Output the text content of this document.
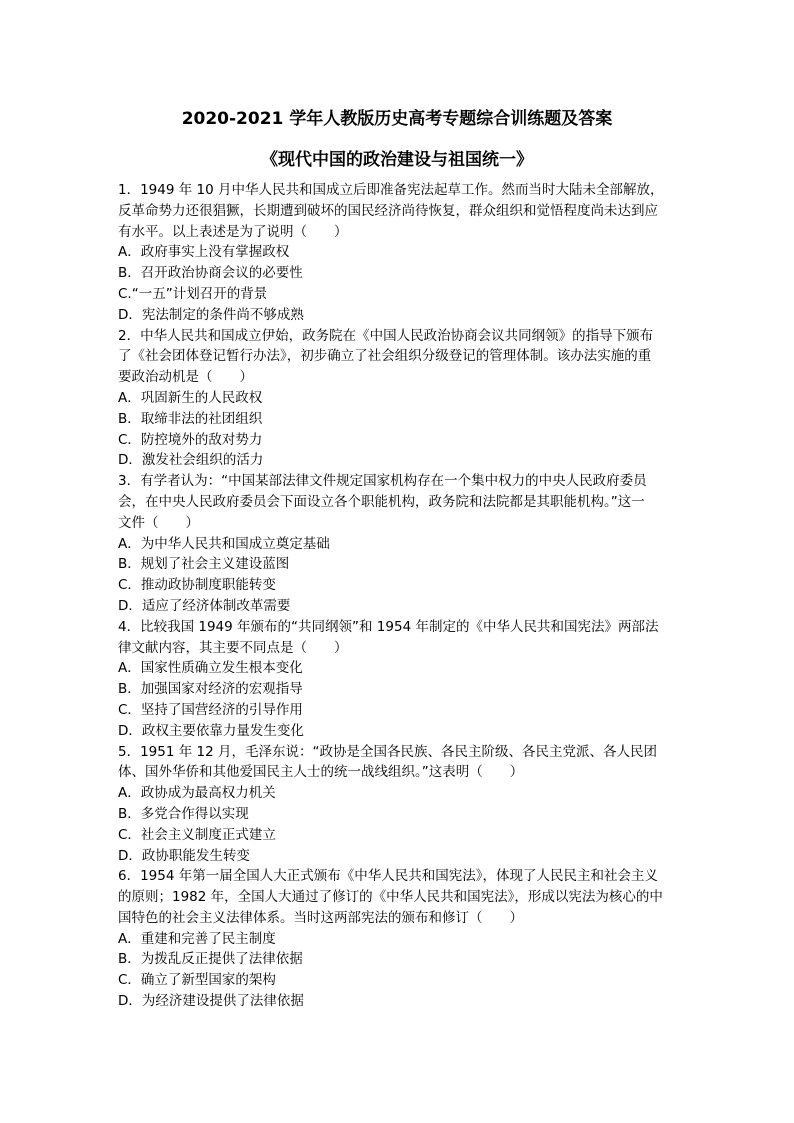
2020-2021 学年人教版历史高考专题综合训练题及答案
《现代中国的政治建设与祖国统一》
1．1949 年 10 月中华人民共和国成立后即准备宪法起草工作。然而当时大陆未全部解放，
反革命势力还很猖獗，长期遭到破坏的国民经济尚待恢复，群众组织和觉悟程度尚未达到应
有水平。以上表述是为了说明（　　）
A．政府事实上没有掌握政权
B．召开政治协商会议的必要性
C.“一五”计划召开的背景
D．宪法制定的条件尚不够成熟
2．中华人民共和国成立伊始，政务院在《中国人民政治协商会议共同纲领》的指导下颁布
了《社会团体登记暂行办法》，初步确立了社会组织分级登记的管理体制。该办法实施的重
要政治动机是（　　）
A．巩固新生的人民政权
B．取缔非法的社团组织
C．防控境外的敌对势力
D．激发社会组织的活力
3．有学者认为：“中国某部法律文件规定国家机构存在一个集中权力的中央人民政府委员
会，在中央人民政府委员会下面设立各个职能机构，政务院和法院都是其职能机构。”这一
文件（　　）
A．为中华人民共和国成立奠定基础
B．规划了社会主义建设蓝图
C．推动政协制度职能转变
D．适应了经济体制改革需要
4．比较我国 1949 年颁布的“共同纲领”和 1954 年制定的《中华人民共和国宪法》两部法
律文献内容，其主要不同点是（　　）
A．国家性质确立发生根本变化
B．加强国家对经济的宏观指导
C．坚持了国营经济的引导作用
D．政权主要依靠力量发生变化
5．1951 年 12 月，毛泽东说：“政协是全国各民族、各民主阶级、各民主党派、各人民团
体、国外华侨和其他爱国民主人士的统一战线组织。”这表明（　　）
A．政协成为最高权力机关
B．多党合作得以实现
C．社会主义制度正式建立
D．政协职能发生转变
6．1954 年第一届全国人大正式颁布《中华人民共和国宪法》，体现了人民民主和社会主义
的原则；1982 年，全国人大通过了修订的《中华人民共和国宪法》，形成以宪法为核心的中
国特色的社会主义法律体系。当时这两部宪法的颁布和修订（　　）
A．重建和完善了民主制度
B．为拨乱反正提供了法律依据
C．确立了新型国家的架构
D．为经济建设提供了法律依据
